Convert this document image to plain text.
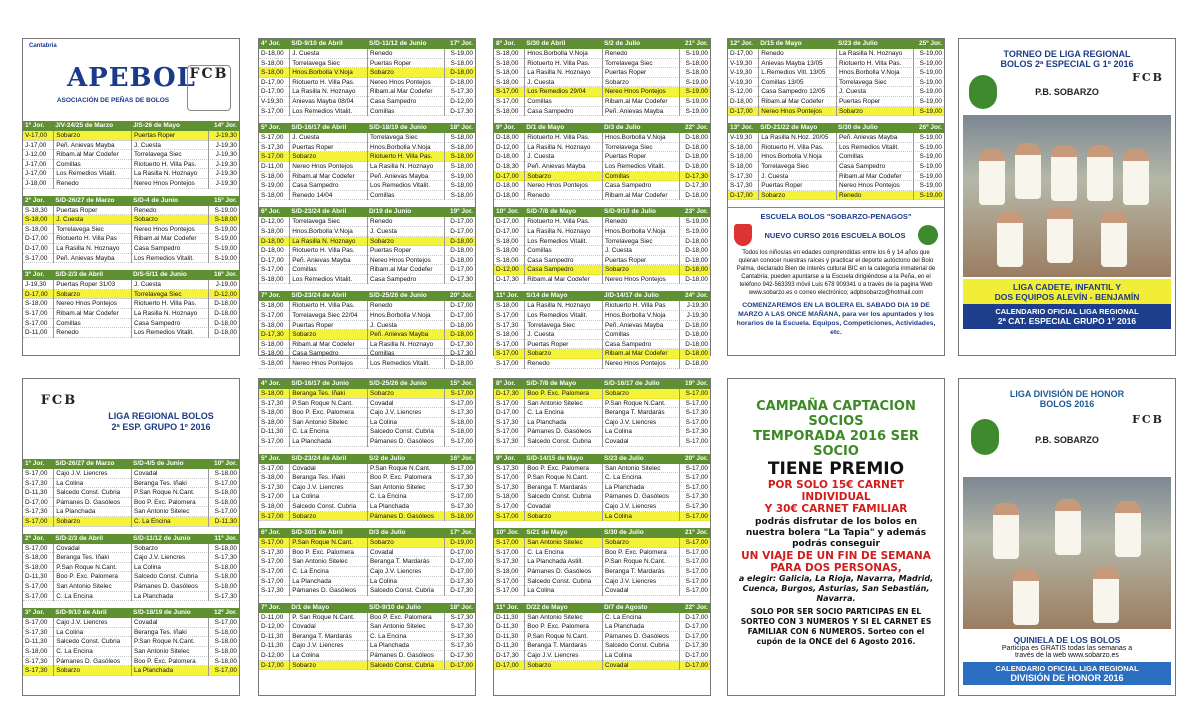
Cantabria
APEBOL
ASOCIACIÓN DE PEÑAS DE BOLOS
FCB
1º Jor.	J/V-24/25 de Marzo	J/S-26 de Mayo	14º Jor.
V-17,00	Sobarzo	Puertas Roper	J-19,30
J-17,00	Peñ. Anievas Mayba	J. Cuesta	J-19,30
J-12,00	Ribam.al Mar Codefer	Torrelavega Siec	J-19,30
J-17,00	Comillas	Riotuerto H. Villa Pas.	J-19,30
J-17,00	Los Remedios Vitalit.	La Rasilla N. Hoznayo	J-19,30
J-18,00	Renedo	Nereo Hnos Pontejos	J-19,30
2º Jor.	S/D-26/27 de Marzo	S/D-4 de Junio	15º Jor.
S-18,30	Puertas Roper	Renedo	S-19,00
S-18,00	J. Cuesta	Sobarzo	S-18,00
S-18,00	Torrelavega Siec	Nereo Hnos Pontejos	S-19,00
D-17,00	Riotuerto H. Villa Pas	Ribam.al Mar Codefer	S-19,00
D-17,00	La Rasilla N. Hoznayo	Casa Sampedro	S-19,00
S-17,00	Peñ. Anievas Mayba	Los Remedios Vitalit.	S-19,00
3º Jor.	S/D-2/3 de Abril	D/S-5/11 de Junio	16º Jor.
J-19,30	Puertas Roper 31/03	J. Cuesta	J-19,00
D-17,00	Sobarzo	Torrelavega Siec	D-12,00
S-18,00	Nereo Hnos Pontejos	Riotuerto H. Villa Pas.	D-18,00
S-17,00	Ribam.al Mar Codefer	La Rasilla N. Hoznayo	D-18,00
S-17,00	Comillas	Casa Sampedro	D-18,00
D-11,00	Renedo	Los Remedios Vitalit.	D-18,00
4º Jor.	S/D-9/10 de Abril	S/D-11/12 de Junio	17º Jor.
D-18,00	J. Cuesta	Renedo	S-19,00
S-18,00	Torrelavega Siec	Puertas Roper	S-18,00
S-18,00	Hnos.Borbolla V.Noja	Sobarzo	D-18,00
D-17,00	Riotuerto H. Villa Pas.	Nereo Hnos Pontejos	D-18,00
D-17,00	La Rasilla N. Hoznayo	Ribam.al Mar Codefer	S-17,30
V-19,30	Anievas Mayba 08/04	Casa Sampedro	D-12,00
S-17,00	Los Remedios Vitalit.	Comillas	D-17,30
5º Jor.	S/D-16/17 de Abril	S/D-18/19 de Junio	18º Jor.
S-17,00	J. Cuesta	Torrelavega Siec	S-18,00
S-17,30	Puertas Roper	Hnos.Borbolla V.Noja	S-18,00
S-17,00	Sobarzo	Riotuerto H. Villa Pas.	S-18,00
D-11,00	Nereo Hnos Pontejos	La Rasilla N. Hoznayo	S-18,00
S-18,00	Ribam.al Mar Codefer	Peñ. Anievas Mayba	S-19,00
S-19,00	Casa Sampedro	Los Remedios Vitalit.	S-18,00
S-18,00	Renedo 14/04	Comillas	S-18,00
6º Jor.	S/D-23/24 de Abril	D/19 de Junio	19º Jor.
D-12,00	Torrelavega Siec	Renedo	D-17,00
S-18,00	Hnos.Borbolla V.Noja	J. Cuesta	D-17,00
D-18,00	La Rasilla N. Hoznayo	Sobarzo	D-18,00
D-18,00	Riotuerto H. Villa Pas.	Puertas Roper	D-18,00
D-17,00	Peñ. Anievas Mayba	Nereo Hnos Pontejos	D-18,00
S-17,00	Comillas	Ribam.al Mar Codefer	D-17,00
S-18,00	Los Remedios Vitalit.	Casa Sampedro	D-17,30
7º Jor.	S/D-23/24 de Abril	S/D-25/26 de Junio	20º Jor.
S-18,00	Riotuerto H. Villa Pas.	Renedo	D-17,00
S-17,00	Torrelavega Siec 22/04	Hnos.Borbolla V.Noja	D-17,00
S-18,00	Puertas Roper	J. Cuesta	D-18,00
D-17,30	Sobarzo	Peñ. Anievas Mayba	D-18,00
S-18,00	Ribam.al Mar Codefer	La Rasilla N. Hoznayo	D-17,30
S-18,00	Casa Sampedro	Comillas	D-17,30
S-18,00	Nereo Hnos Pontejos	Los Remedios Vitalit.	D-18,00
8º Jor.	S/30 de Abril	S/2 de Julio	21º Jor.
S-18,00	Hnos.Borbolla V.Noja	Renedo	S-19,00
S-18,00	Riotuerto H. Villa Pas.	Torrelavega Siec	S-18,00
S-18,00	La Rasilla N. Hoznayo	Puertas Roper	S-18,00
S-18,00	J. Cuesta	Sobarzo	S-19,00
S-17,00	Los Remedios 29/04	Nereo Hnos Pontejos	S-19,00
S-17,00	Comillas	Ribam.al Mar Codefer	S-19,00
S-18,00	Casa Sampedro	Peñ. Anievas Mayba	S-19,00
9º Jor.	D/1 de Mayo	D/3 de Julio	22º Jor.
D-18,00	Riotuerto H. Villa Pas.	Hnos.Borbolla V.Noja	D-18,00
D-12,00	La Rasilla N. Hoznayo	Torrelavega Siec	D-18,00
D-18,00	J. Cuesta	Puertas Roper	D-18,00
D-18,30	Peñ. Anievas Mayba	Los Remedios Vitalit.	D-18,00
D-17,00	Sobarzo	Comillas	D-17,30
D-18,00	Nereo Hnos Pontejos	Casa Sampedro	D-17,30
D-18,00	Renedo	Ribam.al Mar Codefer	D-18,00
10º Jor.	S/D-7/8 de Mayo	S/D-9/10 de Julio	23º Jor.
D-17,00	Riotuerto H. Villa Pas.	Renedo	S-19,00
D-17,00	La Rasilla N. Hoznayo	Hnos.Borbolla V.Noja	S-19,00
S-18,00	Los Remedios Vitalit.	Torrelavega Siec	D-18,00
S-18,00	Comillas	J. Cuesta	D-18,00
S-18,00	Casa Sampedro	Puertas Roper	D-18,00
D-12,00	Casa Sampedro	Sobarzo	D-18,00
D-17,30	Ribam.al Mar Codefer	Nereo Hnos Pontejos	D-18,00
11º Jor.	S/14 de Mayo	J/D-14/17 de Julio	24º Jor.
S-18,00	La Rasilla N. Hoznayo	Riotuerto H. Villa Pas	J-19,30
S-17,00	Los Remedios Vitalit.	Hnos.Borbolla V.Noja	J-19,30
S-17,30	Torrelavega Siec	Peñ. Anievas Mayba	D-18,00
S-18,00	J. Cuesta	Comillas	D-18,00
S-17,00	Puertas Roper	Casa Sampedro	D-18,00
S-17,00	Sobarzo	Ribam.al Mar Codefer	D-18,00
S-17,00	Renedo	Nereo Hnos Pontejos	D-18,00
12º Jor.	D/15 de Mayo	S/23 de Julio	25º Jor.
D-17,00	Renedo	La Rasilla N. Hoznayo	S-19,00
V-19,30	Anievas Mayba 13/05	Riotuerto H. Villa Pas.	S-19,00
V-19,30	L.Remedios Vitl. 13/05	Hnos.Borbolla V.Noja	S-19,00
V-19,30	Comillas 13/05	Torrelavega Siec	S-19,00
S-12,00	Casa Sampedro 12/05	J. Cuesta	S-19,00
D-18,00	Ribam.al Mar Codefer	Puertas Roper	S-19,00
D-17,00	Nereo Hnos Pontejos	Sobarzo	S-19,00
13º Jor.	S/D-21/22 de Mayo	S/30 de Julio	26º Jor.
V-19,30	La Rasilla N.Hoz. 20/05	Peñ. Anievas Mayba	S-19,00
S-18,00	Riotuerto H. Villa Pas.	Los Remedios Vitalit.	S-19,00
S-18,00	Hnos.Borbolla V.Noja	Comillas	S-19,00
S-18,00	Torrelavega Siec	Casa Sampedro	S-19,00
S-17,30	J. Cuesta	Ribam.al Mar Codefer	S-19,00
S-17,30	Puertas Roper	Nereo Hnos Pontejos	S-19,00
D-17,00	Sobarzo	Renedo	S-19,00
ESCUELA BOLOS "SOBARZO-PENAGOS"
NUEVO CURSO 2016 ESCUELA BOLOS

Todos los niños/as en edades comprendidas entre los 6 y 14 años que quieran conocer nuestras raíces y practicar el deporte autóctono del Bolo Palma, declarado Bien de interés cultural BIC en la categoría inmaterial de Cantabria, pueden apuntarse a la Escuela dirigiéndose a la Peña, en el teléfono 942-563393 móvil Luis 678 909341 o a través de la pagina Web www.sobarzo.es o correo electrónico; adpbsobarzo@hotmail.com

COMENZAREMOS EN LA BOLERA EL SABADO DIA 19 DE MARZO A LAS ONCE MAÑANA, para ver los apuntados y los horarios de la Escuela. Equipos, Competiciones, Actividades, etc.

TORNEO DE LIGA REGIONAL
BOLOS 2ª ESPECIAL G 1º 2016
P.B. SOBARZO
FCB
LIGA CADETE, INFANTIL Y
DOS EQUIPOS ALEVÍN - BENJAMÍN
CALENDARIO OFICIAL LIGA REGIONAL
2ª CAT. ESPECIAL GRUPO 1º 2016
FCB
LIGA REGIONAL BOLOS
2ª ESP. GRUPO 1º 2016
1º Jor.	S/D-26/27 de Marzo	S/D-4/5 de Junio	10º Jor.
S-17,00	Cajo J.V. Liencres	Covadal	S-18,00
S-17,30	La Colina	Beranga Tes. Iñaki	S-17,00
D-11,30	Salcedo Const. Cubria	P.San Roque N.Cant.	S-18,00
D-17,00	Pámanes D. Gasóleos	Boo P. Exc. Palomera	S-18,00
S-17,30	La Planchada	San Antonio Sitelec	S-17,00
S-17,00	Sobarzo	C. La Encina	D-11,30
2º Jor.	S/D-2/3 de Abril	S/D-11/12 de Junio	11º Jor.
S-17,00	Covadal	Sobarzo	S-18,00
S-18,00	Beranga Tes. Iñaki	Cajo J.V. Liencres	S-17,30
S-18,00	P.San Roque N.Cant.	La Colina	S-18,00
D-11,30	Boo P. Exc. Palomera	Salcedo Const. Cubria	S-18,00
S-17,00	San Antonio Sitelec	Pámanes D. Gasóleos	S-18,00
S-17,00	C. La Encina	La Planchada	S-17,30
3º Jor.	S/D-9/10 de Abril	S/D-18/19 de Junio	12º Jor.
S-17,00	Cajo J.V. Liencres	Covadal	S-17,00
S-17,30	La Colina	Beranga Tes. Iñaki	S-18,00
D-11,30	Salcedo Const. Cubria	P.San Roque N.Cant.	S-18,00
S-18,00	C. La Encina	San Antonio Sitelec	S-18,00
S-17,30	Pámanes D. Gasóleos	Boo P. Exc. Palomera	S-18,00
S-17,30	Sobarzo	La Planchada	S-17,00
4º Jor.	S/D-16/17 de Junio	S/D-25/26 de Junio	15º Jor.
S-18,00	Beranga Tes. Iñaki	Sobarzo	S-17,00
S-17,30	P.San Roque N.Cant.	Covadal	S-17,00
S-18,00	Boo P. Exc. Palomera	Cajo J.V. Liencres	S-17,30
S-18,00	San Antonio Sitelec	La Colina	S-18,00
D-11,30	C. La Encina	Salcedo Const. Cubria	S-18,00
S-17,00	La Planchada	Pámanes D. Gasóleos	S-17,00
5º Jor.	S/D-23/24 de Abril	S/2 de Julio	16º Jor.
S-17,00	Covadal	P.San Roque N.Cant.	S-17,00
S-18,00	Beranga Tes. Iñaki	Boo P. Exc. Palomera	S-17,30
S-17,30	Cajo J.V. Liencres	San Antonio Sitelec	S-17,30
S-17,00	La Colina	C. La Encina	S-17,00
S-18,00	Salcedo Const. Cubria	La Planchada	S-17,30
S-17,00	Sobarzo	Pámanes D. Gasóleos	S-18,00
6º Jor.	S/D-30/1 de Abril	D/3 de Julio	17º Jor.
S-17,00	P.San Roque N.Cant.	Sobarzo	D-19,00
S-17,30	Boo P. Exc. Palomera	Covadal	D-17,00
S-17,00	San Antonio Sitelec	Beranga T. Mardarás	D-17,00
S-17,00	C. La Encina	Cajo J.V. Liencres	D-17,00
S-17,00	La Planchada	La Colina	D-17,30
S-17,30	Pámanes D. Gasóleos	Salcedo Const. Cubria	D-17,30
7º Jor.	D/1 de Mayo	S/D-9/10 de Julio	18º Jor.
D-11,00	P. San Roque N.Cant.	Boo P. Exc. Palomera	S-17,30
D-12,00	Covadal	San Antonio Sitelec	S-17,30
D-11,30	Beranga T. Mardarás	C. La Encina	S-17,30
D-11,30	Cajo J.V. Liencres	La Planchada	S-17,30
D-12,00	La Colina	Pámanes D. Gasóleos	D-17,30
D-17,00	Sobarzo	Salcedo Const. Cubria	D-17,00
8º Jor.	S/D-7/8 de Mayo	S/D-16/17 de Julio	19º Jor.
D-17,30	Boo P. Exc. Palomera	Sobarzo	S-17,00
S-17,00	San Antonio Sitelec	P.San Roque N.Cant.	S-17,00
D-17,00	C. La Encina	Beranga T. Mardarás	S-17,30
S-17,30	La Planchada	Cajo J.V. Liencres	S-17,00
S-17,00	Pámanes D. Gasóleos	La Colina	S-17,30
S-17,30	Salcedo Const. Cubria	Covadal	S-17,00
9º Jor.	S/D-14/15 de Mayo	S/23 de Julio	20º Jor.
S-17,30	Boo P. Exc. Palomera	San Antonio Sitelec	S-17,00
S-17,00	P.San Roque N.Cant.	C. La Encina	S-17,00
S-17,30	Beranga T. Mardarás	La Planchada	S-17,00
S-18,00	Salcedo Const. Cubria	Pámanes D. Gasóleos	S-17,30
S-17,00	Covadal	Cajo J.V. Liencres	S-17,30
S-17,00	Sobarzo	La Colina	S-17,00
10º Jor.	S/21 de Mayo	S/30 de Julio	21º Jor.
S-17,00	San Antonio Sitelec	Sobarzo	S-17,00
S-17,00	C. La Encina	Boo P. Exc. Palomera	S-17,00
S-17,30	La Planchada Astill.	P.San Roque N.Cant.	S-17,00
S-18,00	Pámanes D. Gasóleos	Beranga T. Mardarás	S-17,00
S-17,00	Salcedo Const. Cubria	Cajo J.V. Liencres	S-17,00
S-17,00	La Colina	Covadal	S-17,00
11º Jor.	D/22 de Mayo	D/7 de Agosto	22º Jor.
D-11,30	San Antonio Sitelec	C. La Encina	D-17,00
D-11,30	Boo P. Exc. Palomera	La Planchada	D-17,00
D-11,30	P.San Roque N.Cant.	Pámanes D. Gasóleos	D-17,00
D-11,30	Beranga T. Mardarás	Salcedo Const. Cubria	D-17,30
D-17,30	Cajo J.V. Liencres	La Colina	D-17,00
D-17,00	Sobarzo	Covadal	D-17,00
CAMPAÑA CAPTACION SOCIOS
TEMPORADA 2016 SER SOCIO
TIENE PREMIO
POR SOLO 15€ CARNET INDIVIDUAL
Y 30€ CARNET FAMILIAR
podrás disfrutar de los bolos en nuestra bolera "La Tapia" y además podrás conseguir
UN VIAJE DE UN FIN DE SEMANA PARA DOS PERSONAS,
a elegir: Galicia, La Rioja, Navarra, Madrid, Cuenca, Burgos, Asturias, San Sebastián, Navarra.
SOLO POR SER SOCIO PARTICIPAS EN EL SORTEO CON 3 NUMEROS Y SI EL CARNET ES FAMILIAR CON 6 NUMEROS. Sorteo con el cupón de la ONCE del 6 Agosto 2016.
LIGA DIVISIÓN DE HONOR
BOLOS 2016
P.B. SOBARZO
FCB
QUINIELA DE LOS BOLOS
Participa es GRATIS todas las semanas a
través de la web www.sobarzo.es
CALENDARIO OFICIAL LIGA REGIONAL
DIVISIÓN DE HONOR 2016
